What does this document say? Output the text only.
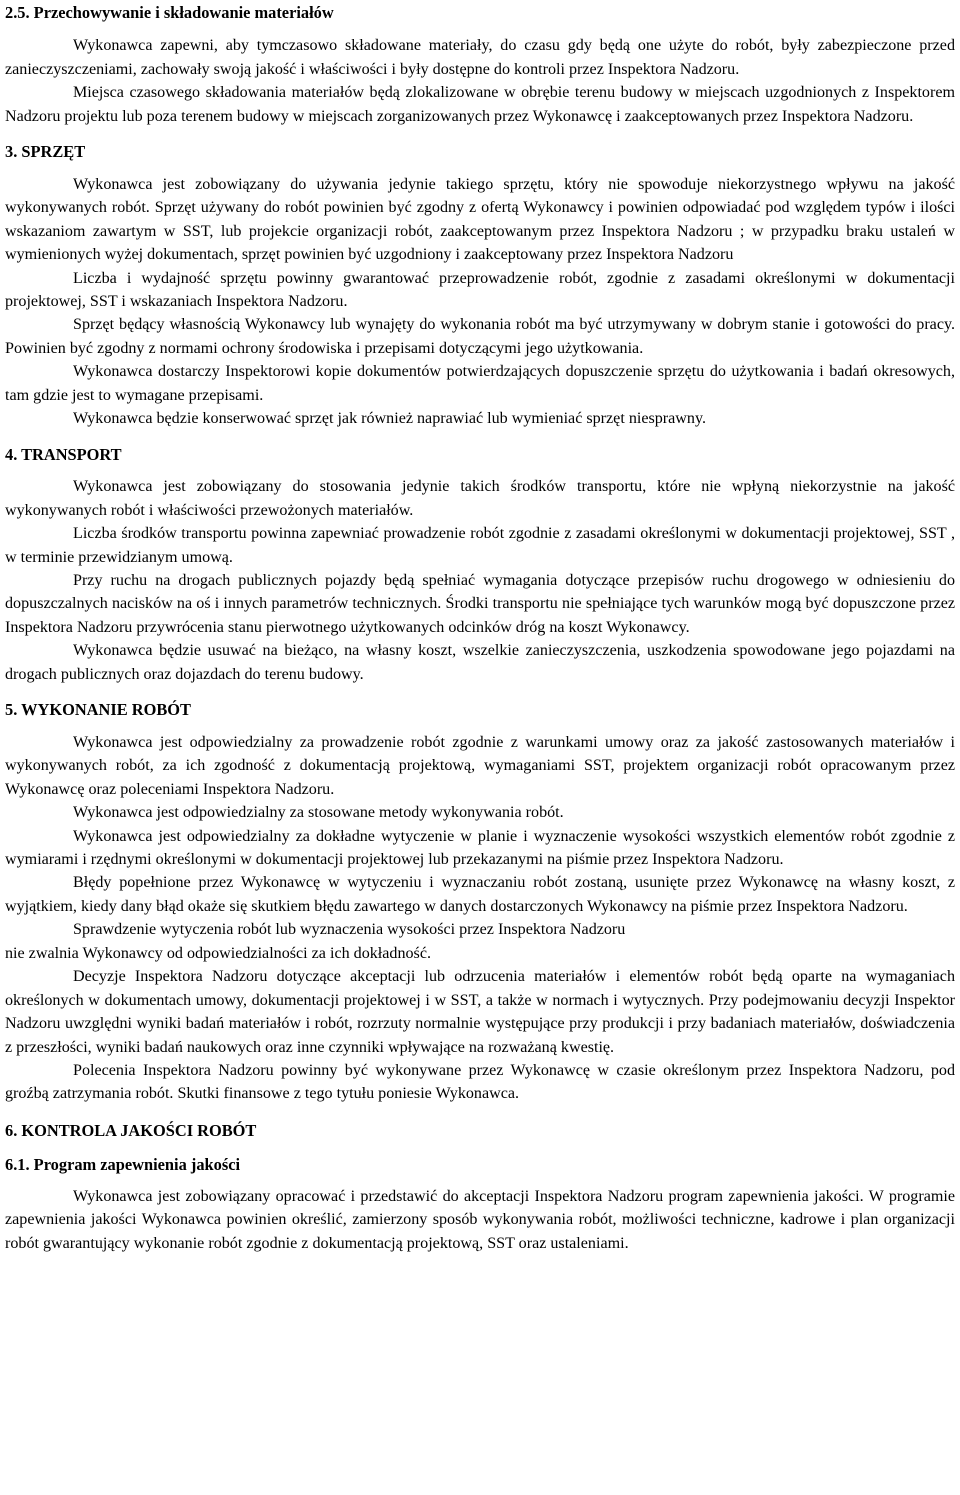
2.5. Przechowywanie i składowanie materiałów

Wykonawca zapewni, aby tymczasowo składowane materiały, do czasu gdy będą one użyte do robót, były zabezpieczone przed zanieczyszczeniami, zachowały swoją jakość i właściwości i były dostępne do kontroli przez Inspektora Nadzoru.

Miejsca czasowego składowania materiałów będą zlokalizowane w obrębie terenu budowy w miejscach uzgodnionych z Inspektorem Nadzoru projektu lub poza terenem budowy w miejscach zorganizowanych przez Wykonawcę i zaakceptowanych przez Inspektora Nadzoru.

3. SPRZĘT

Wykonawca jest zobowiązany do używania jedynie takiego sprzętu, który nie spowoduje niekorzystnego wpływu na jakość wykonywanych robót. Sprzęt używany do robót powinien być zgodny z ofertą Wykonawcy i powinien odpowiadać pod względem typów i ilości wskazaniom zawartym w SST, lub projekcie organizacji robót, zaakceptowanym przez Inspektora Nadzoru ; w przypadku braku ustaleń w wymienionych wyżej dokumentach, sprzęt powinien być uzgodniony i zaakceptowany przez Inspektora Nadzoru

Liczba i wydajność sprzętu powinny gwarantować przeprowadzenie robót, zgodnie z zasadami określonymi w dokumentacji projektowej, SST i wskazaniach Inspektora Nadzoru.

Sprzęt będący własnością Wykonawcy lub wynajęty do wykonania robót ma być utrzymywany w dobrym stanie i gotowości do pracy. Powinien być zgodny z normami ochrony środowiska i przepisami dotyczącymi jego użytkowania.

Wykonawca dostarczy Inspektorowi kopie dokumentów potwierdzających dopuszczenie sprzętu do użytkowania i badań okresowych, tam gdzie jest to wymagane przepisami.

Wykonawca będzie konserwować sprzęt jak również naprawiać lub wymieniać sprzęt niesprawny.

4. TRANSPORT

Wykonawca jest zobowiązany do stosowania jedynie takich środków transportu, które nie wpłyną niekorzystnie na jakość wykonywanych robót i właściwości przewożonych materiałów.

Liczba środków transportu powinna zapewniać prowadzenie robót zgodnie z zasadami określonymi w dokumentacji projektowej, SST , w terminie przewidzianym umową.

Przy ruchu na drogach publicznych pojazdy będą spełniać wymagania dotyczące przepisów ruchu drogowego w odniesieniu do dopuszczalnych nacisków na oś i innych parametrów technicznych. Środki transportu nie spełniające tych warunków mogą być dopuszczone przez Inspektora Nadzoru przywrócenia stanu pierwotnego użytkowanych odcinków dróg na koszt Wykonawcy.

Wykonawca będzie usuwać na bieżąco, na własny koszt, wszelkie zanieczyszczenia, uszkodzenia spowodowane jego pojazdami na drogach publicznych oraz dojazdach do terenu budowy.

5. WYKONANIE ROBÓT

Wykonawca jest odpowiedzialny za prowadzenie robót zgodnie z warunkami umowy oraz za jakość zastosowanych materiałów i wykonywanych robót, za ich zgodność z dokumentacją projektową, wymaganiami SST, projektem organizacji robót opracowanym przez Wykonawcę oraz poleceniami Inspektora Nadzoru.

Wykonawca jest odpowiedzialny za stosowane metody wykonywania robót.

Wykonawca jest odpowiedzialny za dokładne wytyczenie w planie i wyznaczenie wysokości wszystkich elementów robót zgodnie z wymiarami i rzędnymi określonymi w dokumentacji projektowej lub przekazanymi na piśmie przez Inspektora Nadzoru.

Błędy popełnione przez Wykonawcę w wytyczeniu i wyznaczaniu robót zostaną, usunięte przez Wykonawcę na własny koszt, z wyjątkiem, kiedy dany błąd okaże się skutkiem błędu zawartego w danych dostarczonych Wykonawcy na piśmie przez Inspektora Nadzoru.

Sprawdzenie wytyczenia robót lub wyznaczenia wysokości przez Inspektora Nadzoru

nie zwalnia Wykonawcy od odpowiedzialności za ich dokładność.

Decyzje Inspektora Nadzoru dotyczące akceptacji lub odrzucenia materiałów i elementów robót będą oparte na wymaganiach określonych w dokumentach umowy, dokumentacji projektowej i w SST, a także w normach i wytycznych. Przy podejmowaniu decyzji Inspektor Nadzoru uwzględni wyniki badań materiałów i robót, rozrzuty normalnie występujące przy produkcji i przy badaniach materiałów, doświadczenia z przeszłości, wyniki badań naukowych oraz inne czynniki wpływające na rozważaną kwestię.

Polecenia Inspektora Nadzoru powinny być wykonywane przez Wykonawcę w czasie określonym przez Inspektora Nadzoru, pod groźbą zatrzymania robót. Skutki finansowe z tego tytułu poniesie Wykonawca.

6. KONTROLA JAKOŚCI ROBÓT
6.1. Program zapewnienia jakości

Wykonawca jest zobowiązany opracować i przedstawić do akceptacji Inspektora Nadzoru program zapewnienia jakości. W programie zapewnienia jakości Wykonawca powinien określić, zamierzony sposób wykonywania robót, możliwości techniczne, kadrowe i plan organizacji robót gwarantujący wykonanie robót zgodnie z dokumentacją projektową, SST oraz ustaleniami.
